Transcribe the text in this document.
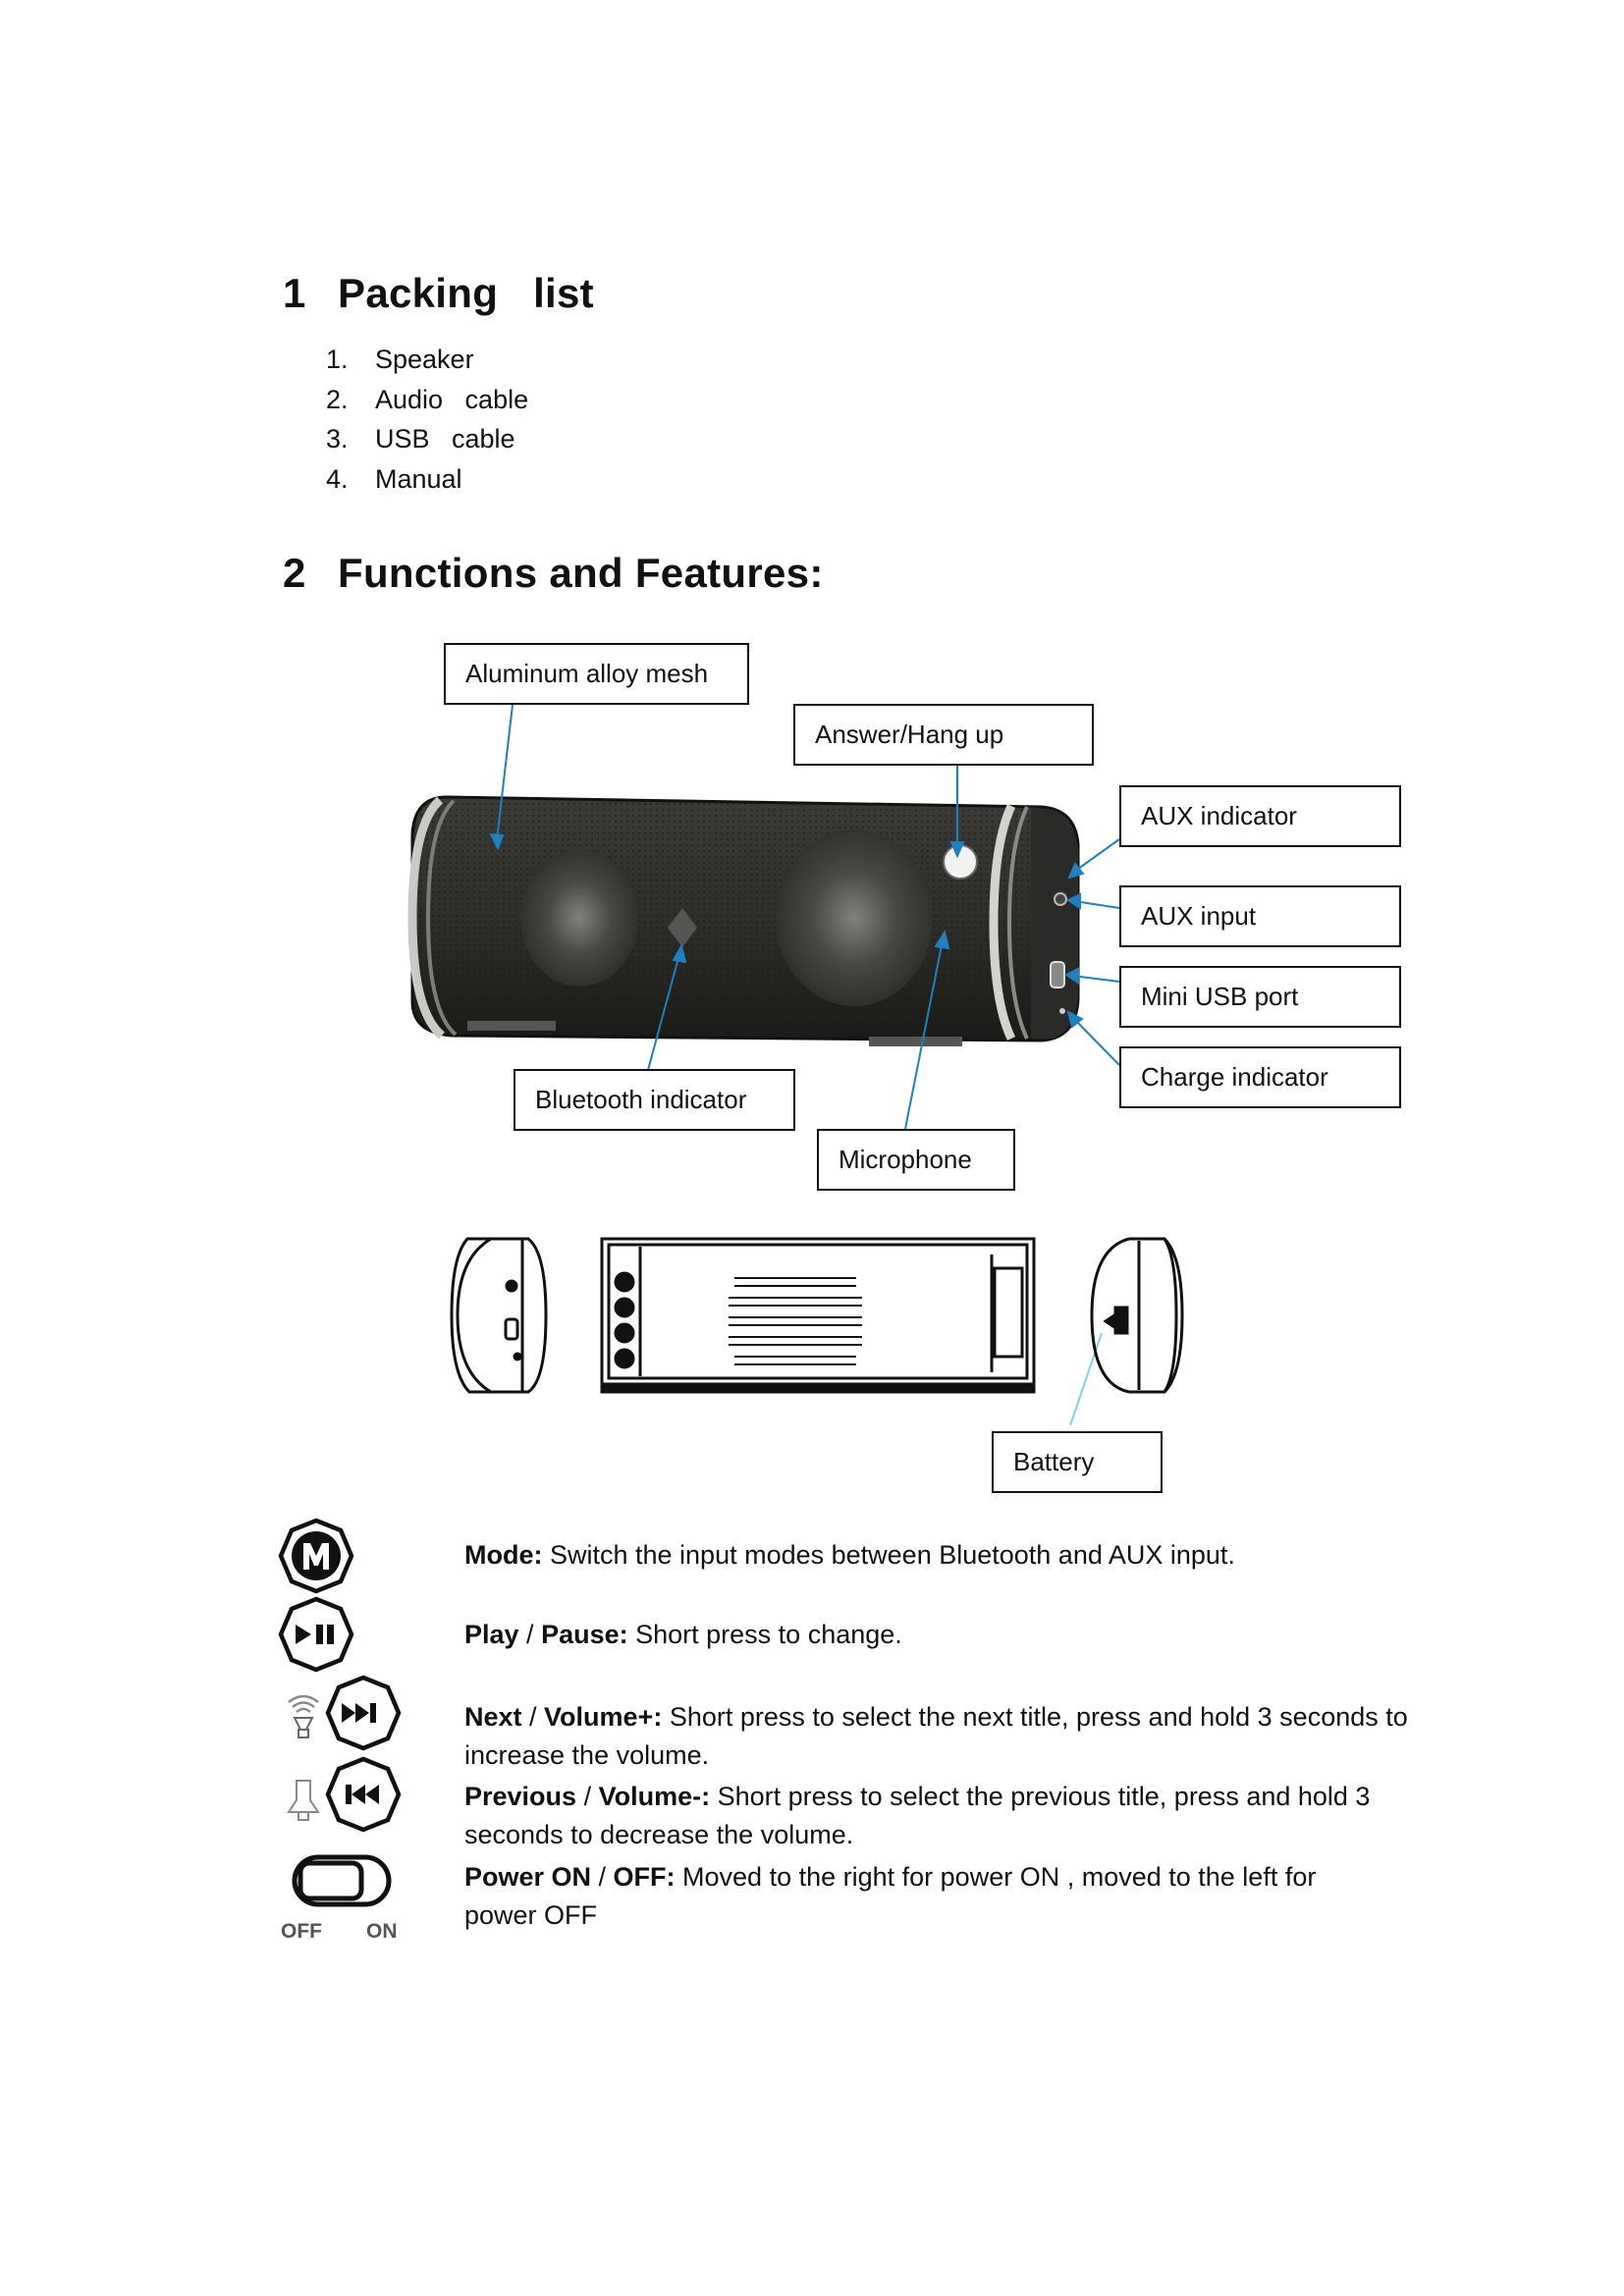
1 Packing   list
1. Speaker
2. Audio   cable
3. USB   cable
4. Manual
2 Functions and Features:
Aluminum alloy mesh
Answer/Hang up
AUX indicator
AUX input
Mini USB port
Charge indicator
Bluetooth indicator
Microphone
Battery
OFF ON
Mode: Switch the input modes between Bluetooth and AUX input.
Play / Pause: Short press to change.
Next / Volume+: Short press to select the next title, press and hold 3 seconds to increase the volume.
Previous / Volume-: Short press to select the previous title, press and hold 3 seconds to decrease the volume.
Power ON / OFF: Moved to the right for power ON , moved to the left for power OFF
